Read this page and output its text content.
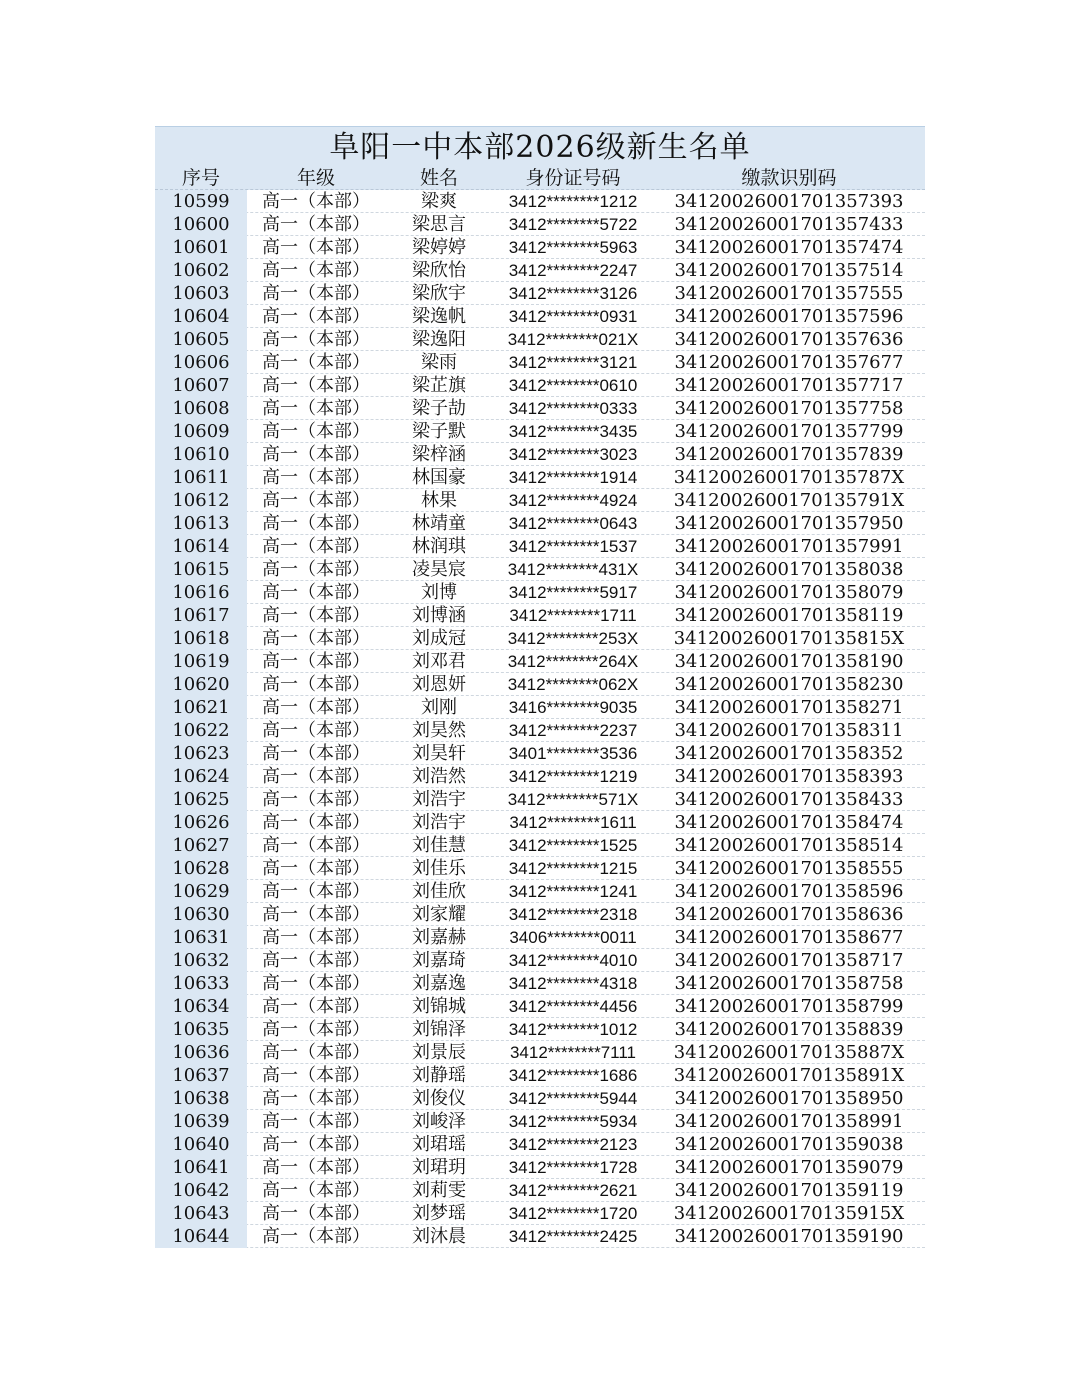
阜阳一中本部2026级新生名单
序号	年级	姓名	身份证号码	缴款识别码
10599	高一（本部）	梁爽	3412********1212	34120026001701357393
10600	高一（本部）	梁思言	3412********5722	34120026001701357433
10601	高一（本部）	梁婷婷	3412********5963	34120026001701357474
10602	高一（本部）	梁欣怡	3412********2247	34120026001701357514
10603	高一（本部）	梁欣宇	3412********3126	34120026001701357555
10604	高一（本部）	梁逸帆	3412********0931	34120026001701357596
10605	高一（本部）	梁逸阳	3412********021X	34120026001701357636
10606	高一（本部）	梁雨	3412********3121	34120026001701357677
10607	高一（本部）	梁芷旗	3412********0610	34120026001701357717
10608	高一（本部）	梁子劼	3412********0333	34120026001701357758
10609	高一（本部）	梁子默	3412********3435	34120026001701357799
10610	高一（本部）	梁梓涵	3412********3023	34120026001701357839
10611	高一（本部）	林国豪	3412********1914	3412002600170135787X
10612	高一（本部）	林果	3412********4924	3412002600170135791X
10613	高一（本部）	林靖童	3412********0643	34120026001701357950
10614	高一（本部）	林润琪	3412********1537	34120026001701357991
10615	高一（本部）	凌昊宸	3412********431X	34120026001701358038
10616	高一（本部）	刘博	3412********5917	34120026001701358079
10617	高一（本部）	刘博涵	3412********1711	34120026001701358119
10618	高一（本部）	刘成冠	3412********253X	3412002600170135815X
10619	高一（本部）	刘邓君	3412********264X	34120026001701358190
10620	高一（本部）	刘恩妍	3412********062X	34120026001701358230
10621	高一（本部）	刘刚	3416********9035	34120026001701358271
10622	高一（本部）	刘昊然	3412********2237	34120026001701358311
10623	高一（本部）	刘昊轩	3401********3536	34120026001701358352
10624	高一（本部）	刘浩然	3412********1219	34120026001701358393
10625	高一（本部）	刘浩宇	3412********571X	34120026001701358433
10626	高一（本部）	刘浩宇	3412********1611	34120026001701358474
10627	高一（本部）	刘佳慧	3412********1525	34120026001701358514
10628	高一（本部）	刘佳乐	3412********1215	34120026001701358555
10629	高一（本部）	刘佳欣	3412********1241	34120026001701358596
10630	高一（本部）	刘家耀	3412********2318	34120026001701358636
10631	高一（本部）	刘嘉赫	3406********0011	34120026001701358677
10632	高一（本部）	刘嘉琦	3412********4010	34120026001701358717
10633	高一（本部）	刘嘉逸	3412********4318	34120026001701358758
10634	高一（本部）	刘锦城	3412********4456	34120026001701358799
10635	高一（本部）	刘锦泽	3412********1012	34120026001701358839
10636	高一（本部）	刘景辰	3412********7111	3412002600170135887X
10637	高一（本部）	刘静瑶	3412********1686	3412002600170135891X
10638	高一（本部）	刘俊仪	3412********5944	34120026001701358950
10639	高一（本部）	刘峻泽	3412********5934	34120026001701358991
10640	高一（本部）	刘珺瑶	3412********2123	34120026001701359038
10641	高一（本部）	刘珺玥	3412********1728	34120026001701359079
10642	高一（本部）	刘莉雯	3412********2621	34120026001701359119
10643	高一（本部）	刘梦瑶	3412********1720	3412002600170135915X
10644	高一（本部）	刘沐晨	3412********2425	34120026001701359190
